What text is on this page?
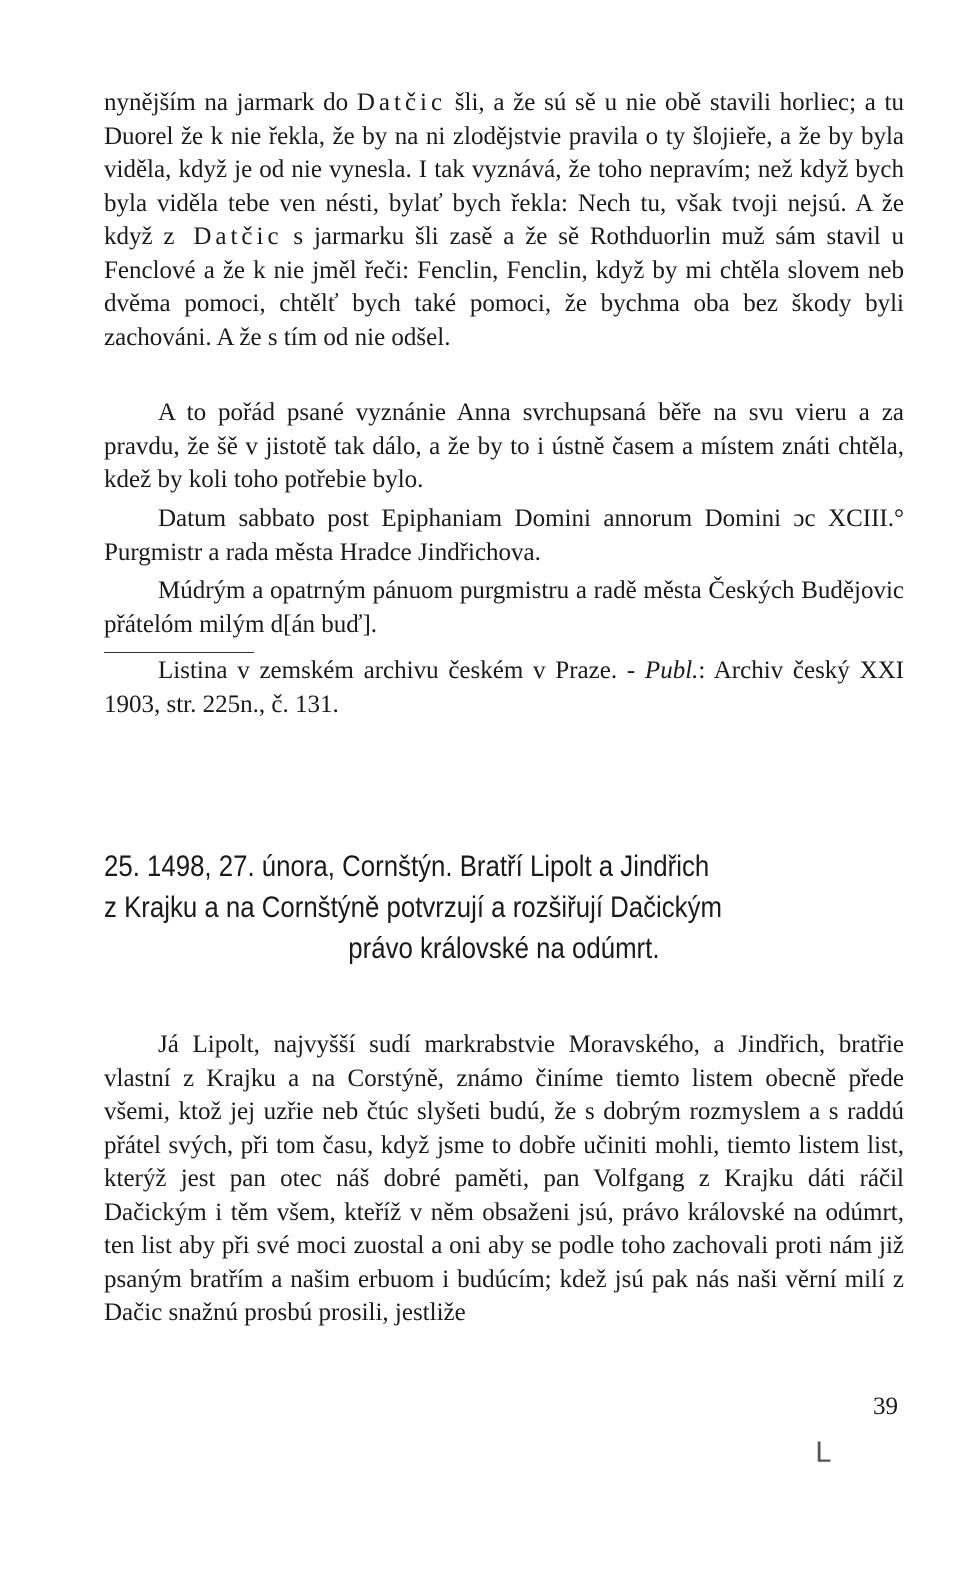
nynějším na jarmark do Datčic šli, a že sú sě u nie obě stavili horliec; a tu Duorel že k nie řekla, že by na ni zlodějstvie pravila o ty šlojieře, a že by byla viděla, když je od nie vynesla. I tak vyznává, že toho nepravím; než když bych byla viděla tebe ven nésti, bylať bych řekla: Nech tu, však tvoji nejsú. A že když z Datčic s jarmarku šli zasě a že sě Rothduorlin muž sám stavil u Fenclové a že k nie jměl řeči: Fenclin, Fenclin, když by mi chtěla slovem neb dvěma pomoci, chtělť bych také pomoci, že bychma oba bez škody byli zachováni. A že s tím od nie odšel.

A to pořád psané vyznánie Anna svrchupsaná běře na svu vieru a za pravdu, že šě v jistotě tak dálo, a že by to i ústně časem a místem znáti chtěla, kdež by koli toho potřebie bylo.

Datum sabbato post Epiphaniam Domini annorum Domini ɔc XCIII.° Purgmistr a rada města Hradce Jindřichova.

Múdrým a opatrným pánuom purgmistru a radě města Českých Budějovic přátelóm milým d[án buď].

Listina v zemském archivu českém v Praze. - Publ.: Archiv český XXI 1903, str. 225n., č. 131.

25. 1498, 27. února, Cornštýn. Bratří Lipolt a Jindřich
z Krajku a na Cornštýně potvrzují a rozšiřují Dačickým
právo královské na odúmrt.

Já Lipolt, najvyšší sudí markrabstvie Moravského, a Jindřich, bratřie vlastní z Krajku a na Corstýně, známo činíme tiemto listem obecně přede všemi, ktož jej uzřie neb čtúc slyšeti budú, že s dobrým rozmyslem a s raddú přátel svých, při tom času, když jsme to dobře učiniti mohli, tiemto listem list, kterýž jest pan otec náš dobré paměti, pan Volfgang z Krajku dáti ráčil Dačickým i těm všem, kteříž v něm obsaženi jsú, právo královské na odúmrt, ten list aby při své moci zuostal a oni aby se podle toho zachovali proti nám již psaným bratřím a našim erbuom i budúcím; kdež jsú pak nás naši věrní milí z Dačic snažnú prosbú prosili, jestliže

39
ᒪ
